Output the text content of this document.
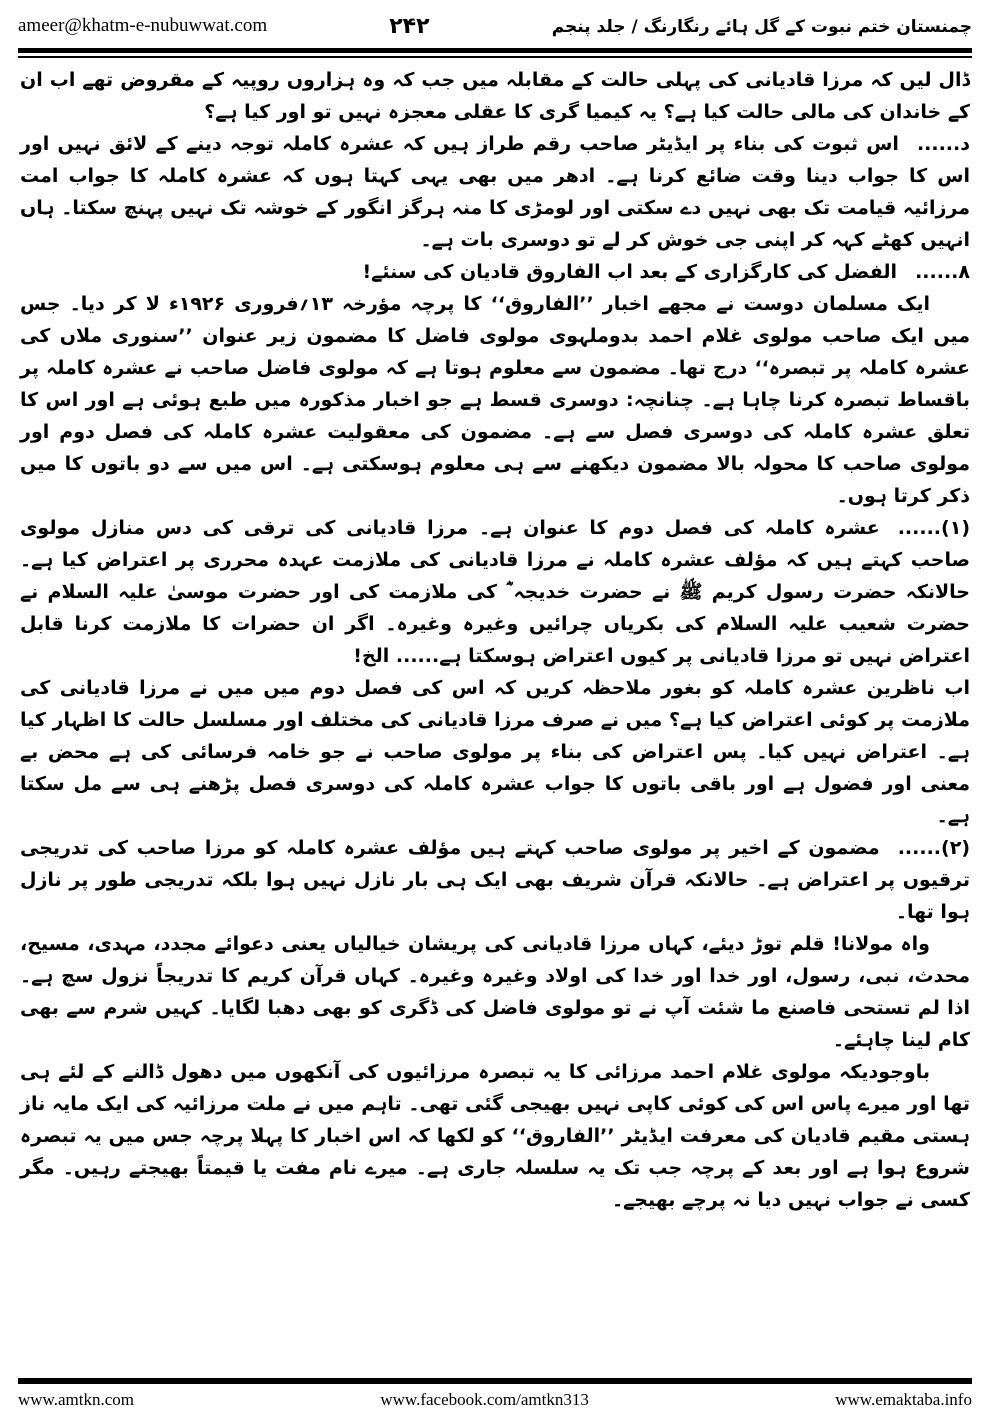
ameer@khatm-e-nubuwwat.com	۲۴۲	چمنستان ختم نبوت کے گل ہائے رنگارنگ / جلد پنجم

ڈال لیں کہ مرزا قادیانی کی پہلی حالت کے مقابلہ میں جب کہ وہ ہزاروں روپیہ کے مقروض تھے اب ان کے خاندان کی مالی حالت کیا ہے؟ یہ کیمیا گری کا عقلی معجزہ نہیں تو اور کیا ہے؟

د......اس ثبوت کی بناء پر ایڈیٹر صاحب رقم طراز ہیں کہ عشرہ کاملہ توجہ دینے کے لائق نہیں اور اس کا جواب دینا وقت ضائع کرنا ہے۔ ادھر میں بھی یہی کہتا ہوں کہ عشرہ کاملہ کا جواب امت مرزائیہ قیامت تک بھی نہیں دے سکتی اور لومڑی کا منہ ہرگز انگور کے خوشہ تک نہیں پہنچ سکتا۔ ہاں انہیں کھٹے کہہ کر اپنی جی خوش کر لے تو دوسری بات ہے۔

۸......الفضل کی کارگزاری کے بعد اب الفاروق قادیان کی سنئے!

ایک مسلمان دوست نے مجھے اخبار ’’الفاروق‘‘ کا پرچہ مؤرخہ ۱۳؍فروری ۱۹۲۶ء لا کر دیا۔ جس میں ایک صاحب مولوی غلام احمد بدوملہوی مولوی فاضل کا مضمون زیر عنوان ’’سنوری ملاں کی عشرہ کاملہ پر تبصرہ‘‘ درج تھا۔ مضمون سے معلوم ہوتا ہے کہ مولوی فاضل صاحب نے عشرہ کاملہ پر باقساط تبصرہ کرنا چاہا ہے۔ چنانچہ: دوسری قسط ہے جو اخبار مذکورہ میں طبع ہوئی ہے اور اس کا تعلق عشرہ کاملہ کی دوسری فصل سے ہے۔ مضمون کی معقولیت عشرہ کاملہ کی فصل دوم اور مولوی صاحب کا محولہ بالا مضمون دیکھنے سے ہی معلوم ہوسکتی ہے۔ اس میں سے دو باتوں کا میں ذکر کرتا ہوں۔

(۱)......عشرہ کاملہ کی فصل دوم کا عنوان ہے۔ مرزا قادیانی کی ترقی کی دس منازل مولوی صاحب کہتے ہیں کہ مؤلف عشرہ کاملہ نے مرزا قادیانی کی ملازمت عہدہ محرری پر اعتراض کیا ہے۔ حالانکہ حضرت رسول کریم ﷺ نے حضرت خدیجہ ؓ کی ملازمت کی اور حضرت موسیٰ علیہ السلام نے حضرت شعیب علیہ السلام کی بکریاں چرائیں وغیرہ وغیرہ۔ اگر ان حضرات کا ملازمت کرنا قابل اعتراض نہیں تو مرزا قادیانی پر کیوں اعتراض ہوسکتا ہے...... الخ!

اب ناظرین عشرہ کاملہ کو بغور ملاحظہ کریں کہ اس کی فصل دوم میں میں نے مرزا قادیانی کی ملازمت پر کوئی اعتراض کیا ہے؟ میں نے صرف مرزا قادیانی کی مختلف اور مسلسل حالت کا اظہار کیا ہے۔ اعتراض نہیں کیا۔ پس اعتراض کی بناء پر مولوی صاحب نے جو خامہ فرسائی کی ہے محض بے معنی اور فضول ہے اور باقی باتوں کا جواب عشرہ کاملہ کی دوسری فصل پڑھنے ہی سے مل سکتا ہے۔

(۲)......مضمون کے اخیر پر مولوی صاحب کہتے ہیں مؤلف عشرہ کاملہ کو مرزا صاحب کی تدریجی ترقیوں پر اعتراض ہے۔ حالانکہ قرآن شریف بھی ایک ہی بار نازل نہیں ہوا بلکہ تدریجی طور پر نازل ہوا تھا۔

واہ مولانا! قلم توڑ دیئے، کہاں مرزا قادیانی کی پریشان خیالیاں یعنی دعوائے مجدد، مہدی، مسیح، محدث، نبی، رسول، اور خدا اور خدا کی اولاد وغیرہ وغیرہ۔ کہاں قرآن کریم کا تدریجاً نزول سچ ہے۔ اذا لم تستحی فاصنع ما شئت آپ نے تو مولوی فاضل کی ڈگری کو بھی دھبا لگایا۔ کہیں شرم سے بھی کام لینا چاہئے۔

باوجودیکہ مولوی غلام احمد مرزائی کا یہ تبصرہ مرزائیوں کی آنکھوں میں دھول ڈالنے کے لئے ہی تھا اور میرے پاس اس کی کوئی کاپی نہیں بھیجی گئی تھی۔ تاہم میں نے ملت مرزائیہ کی ایک مایہ ناز ہستی مقیم قادیان کی معرفت ایڈیٹر ’’الفاروق‘‘ کو لکھا کہ اس اخبار کا پہلا پرچہ جس میں یہ تبصرہ شروع ہوا ہے اور بعد کے پرچہ جب تک یہ سلسلہ جاری ہے۔ میرے نام مفت یا قیمتاً بھیجتے رہیں۔ مگر کسی نے جواب نہیں دیا نہ پرچے بھیجے۔

www.amtkn.com	www.facebook.com/amtkn313	www.emaktaba.info
